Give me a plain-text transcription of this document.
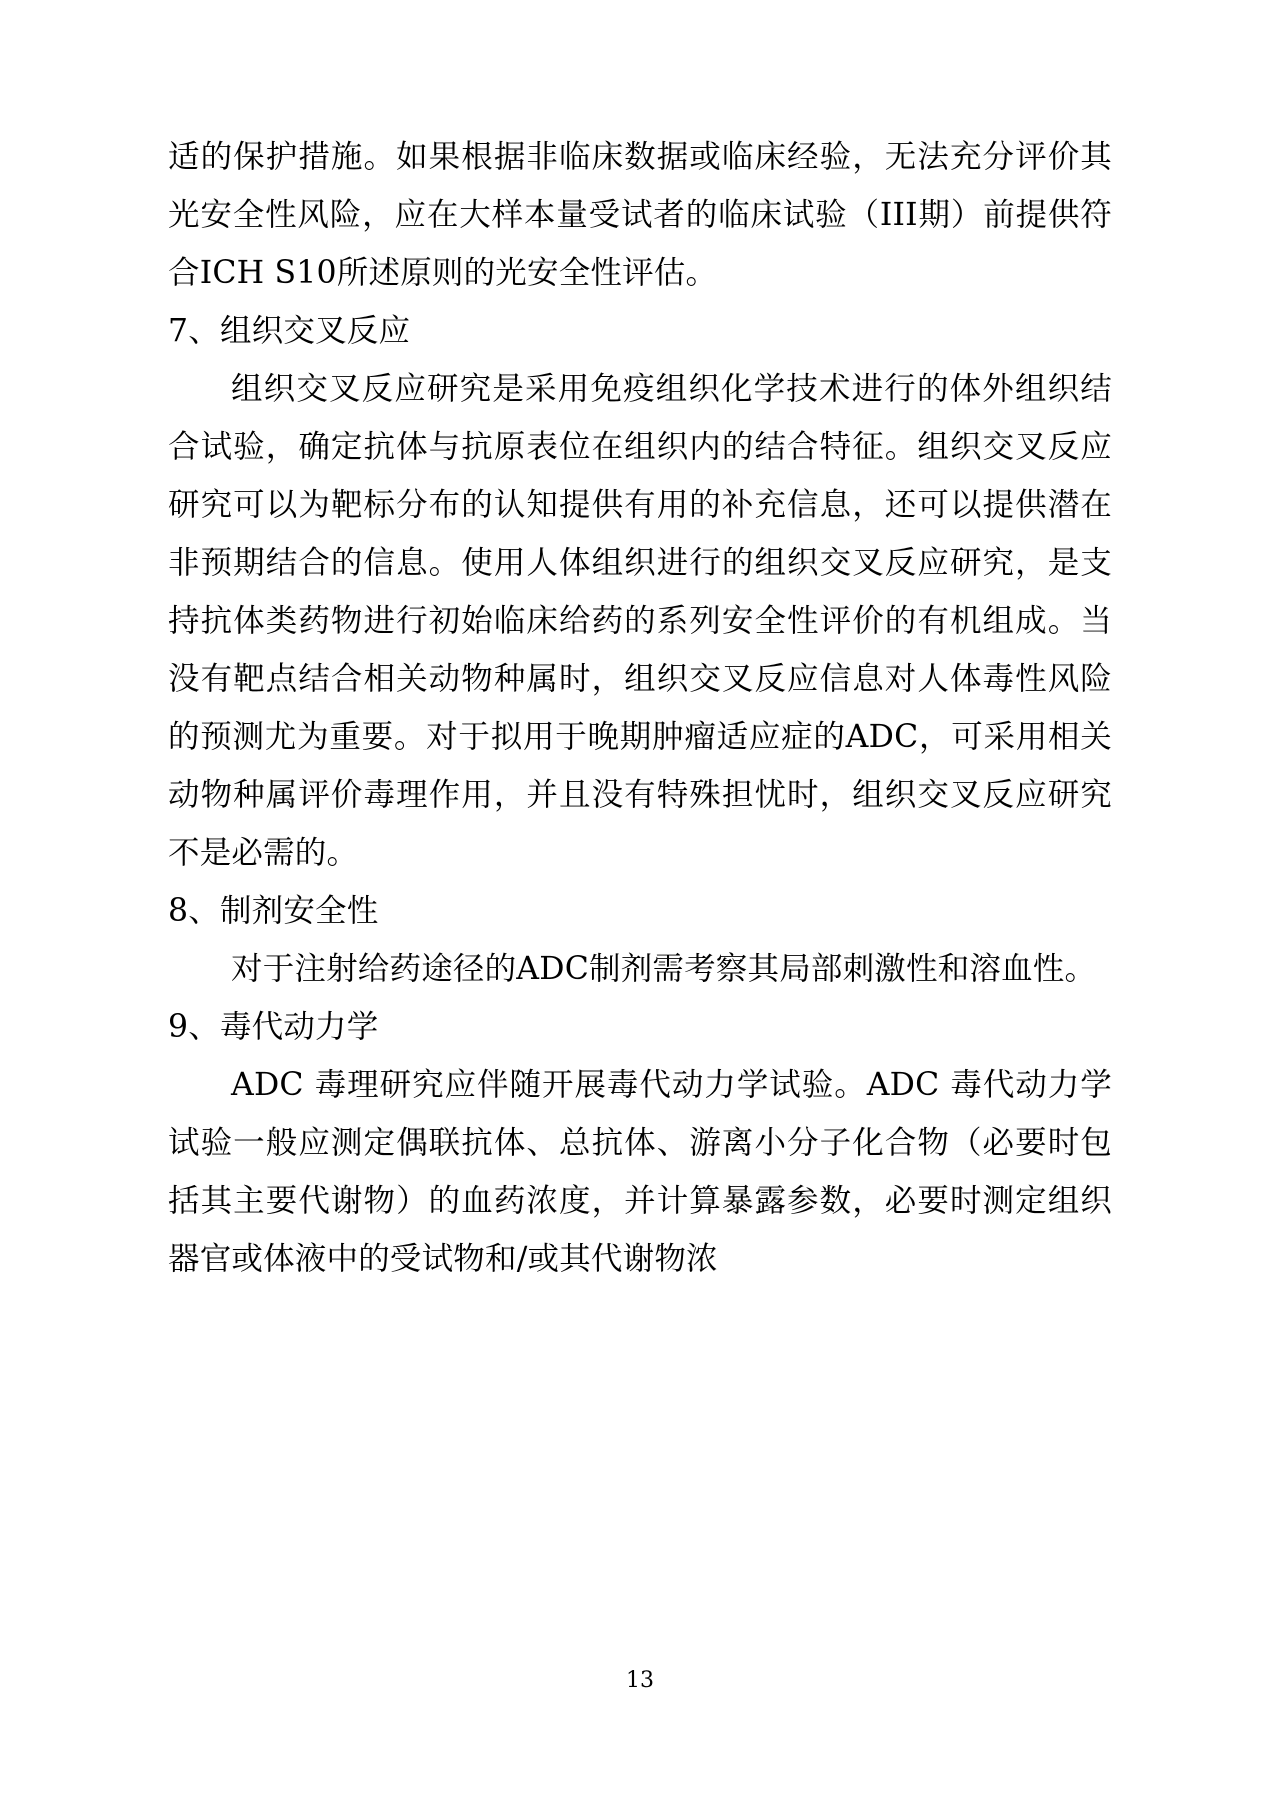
适的保护措施。如果根据非临床数据或临床经验，无法充分评价其光安全性风险，应在大样本量受试者的临床试验（III期）前提供符合ICH S10所述原则的光安全性评估。

7、组织交叉反应

组织交叉反应研究是采用免疫组织化学技术进行的体外组织结合试验，确定抗体与抗原表位在组织内的结合特征。组织交叉反应研究可以为靶标分布的认知提供有用的补充信息，还可以提供潜在非预期结合的信息。使用人体组织进行的组织交叉反应研究，是支持抗体类药物进行初始临床给药的系列安全性评价的有机组成。当没有靶点结合相关动物种属时，组织交叉反应信息对人体毒性风险的预测尤为重要。对于拟用于晚期肿瘤适应症的ADC，可采用相关动物种属评价毒理作用，并且没有特殊担忧时，组织交叉反应研究不是必需的。

8、制剂安全性

对于注射给药途径的ADC制剂需考察其局部刺激性和溶血性。

9、毒代动力学

ADC 毒理研究应伴随开展毒代动力学试验。ADC 毒代动力学试验一般应测定偶联抗体、总抗体、游离小分子化合物（必要时包括其主要代谢物）的血药浓度，并计算暴露参数，必要时测定组织器官或体液中的受试物和/或其代谢物浓

13
